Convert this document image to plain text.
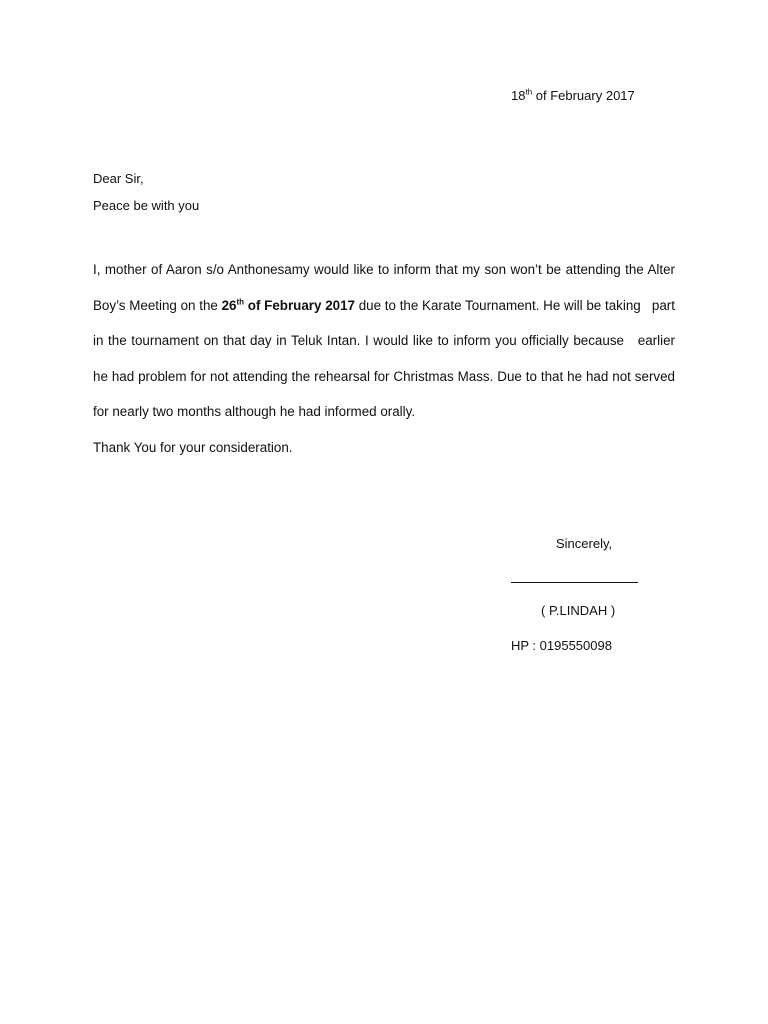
18th of February 2017
Dear Sir,
Peace be with you
I, mother of Aaron s/o Anthonesamy would like to inform that my son won’t be attending the Alter Boy’s Meeting on the 26th of February 2017 due to the Karate Tournament. He will be taking   part in the tournament on that day in Teluk Intan. I would like to inform you officially because   earlier he had problem for not attending the rehearsal for Christmas Mass. Due to that he had not served for nearly two months although he had informed orally.
Thank You for your consideration.
Sincerely,
( P.LINDAH )
HP : 0195550098
